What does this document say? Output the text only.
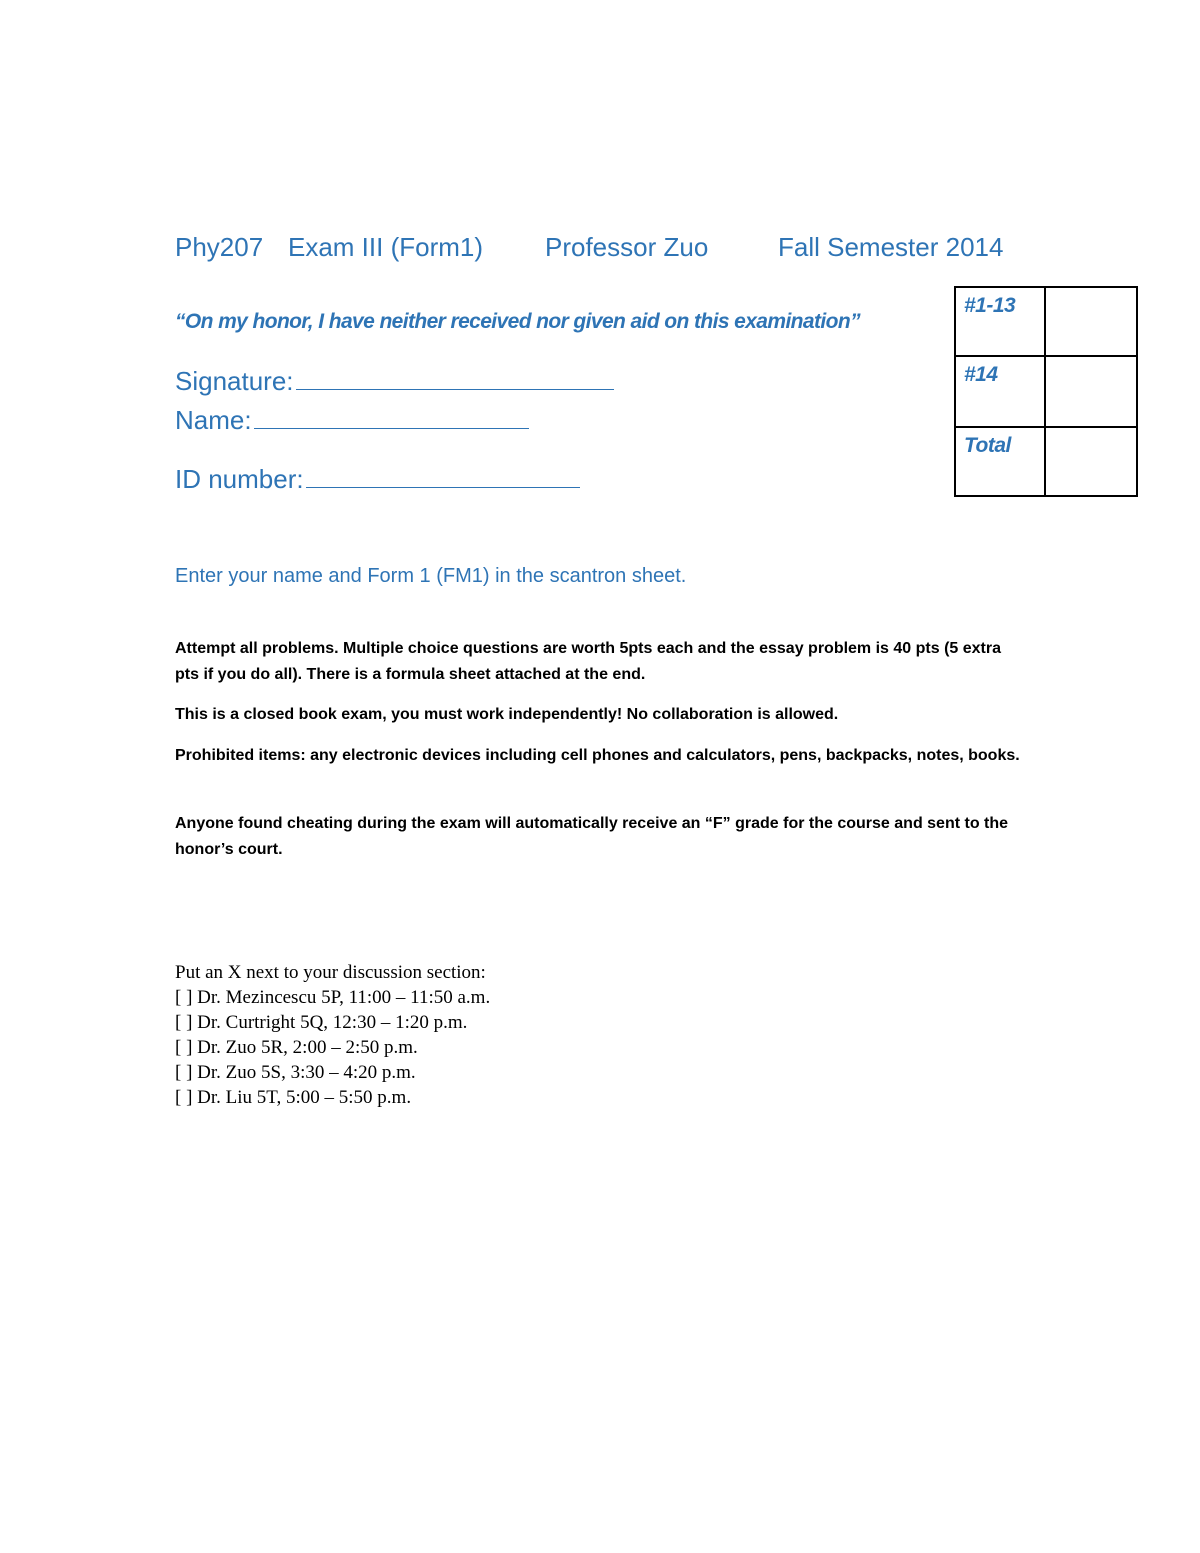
Phy207 Exam III (Form1) Professor Zuo	Fall Semester 2014
“On my honor, I have neither received nor given aid on this examination”
Signature:
Name:
ID number:
#1-13	
#14	
Total	
Enter your name and Form 1 (FM1) in the scantron sheet.

Attempt all problems. Multiple choice questions are worth 5pts each and the essay problem is 40 pts (5 extra pts if you do all). There is a formula sheet attached at the end.

This is a closed book exam, you must work independently! No collaboration is allowed.

Prohibited items: any electronic devices including cell phones and calculators, pens, backpacks, notes, books.

Anyone found cheating during the exam will automatically receive an “F” grade for the course and sent to the honor’s court.

Put an X next to your discussion section:
[ ] Dr. Mezincescu 5P, 11:00 – 11:50 a.m.
[ ] Dr. Curtright 5Q, 12:30 – 1:20 p.m.
[ ] Dr. Zuo 5R, 2:00 – 2:50 p.m.
[ ] Dr. Zuo 5S, 3:30 – 4:20 p.m.
[ ] Dr. Liu 5T, 5:00 – 5:50 p.m.
